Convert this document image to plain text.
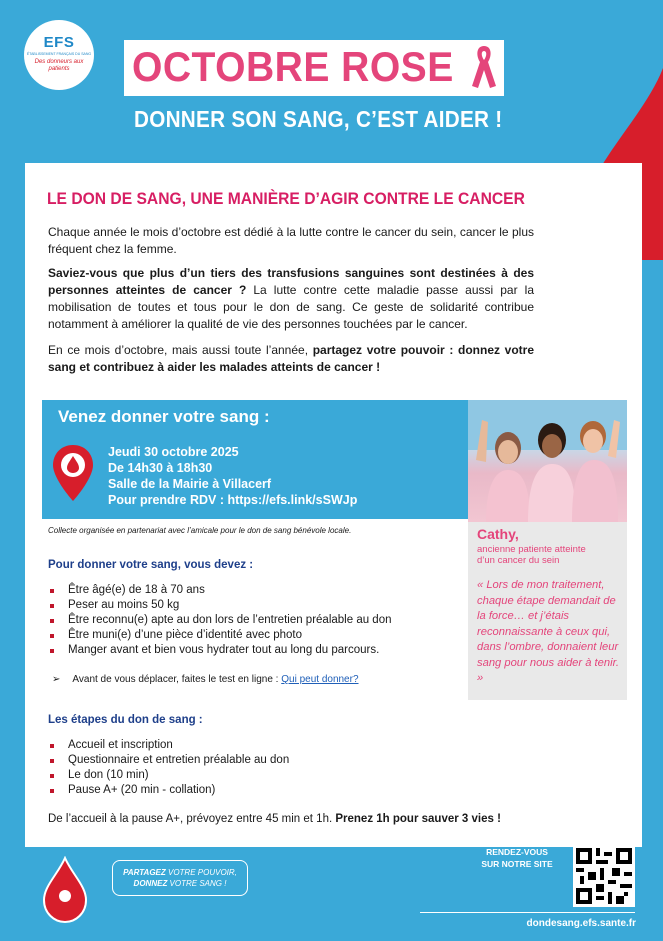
EFS
ÉTABLISSEMENT FRANÇAIS DU SANG
Des donneurs aux patients	OCTOBRE ROSE
DONNER SON SANG, C’EST AIDER !
LE DON DE SANG, UNE MANIÈRE D’AGIR CONTRE LE CANCER
Chaque année le mois d’octobre est dédié à la lutte contre le cancer du sein, cancer le plus fréquent chez la femme.
Saviez-vous que plus d’un tiers des transfusions sanguines sont destinées à des personnes atteintes de cancer ? La lutte contre cette maladie passe aussi par la mobilisation de toutes et tous pour le don de sang. Ce geste de solidarité contribue notamment à améliorer la qualité de vie des personnes touchées par le cancer.
En ce mois d’octobre, mais aussi toute l’année, partagez votre pouvoir : donnez votre sang et contribuez à aider les malades atteints de cancer !
Venez donner votre sang :
Jeudi 30 octobre 2025
De 14h30 à 18h30
Salle de la Mairie à Villacerf
Pour prendre RDV : https://efs.link/sSWJp
Collecte organisée en partenariat avec l’amicale pour le don de sang bénévole locale.	Cathy,
ancienne patiente atteinte
d’un cancer du sein
« Lors de mon traitement, chaque étape demandait de la force… et j’étais reconnaissante à ceux qui, dans l’ombre, donnaient leur sang pour nous aider à tenir. »
Pour donner votre sang, vous devez :
Être âgé(e) de 18 à 70 ans
Peser au moins 50 kg
Être reconnu(e) apte au don lors de l’entretien préalable au don
Être muni(e) d’une pièce d’identité avec photo
Manger avant et bien vous hydrater tout au long du parcours.
➢ Avant de vous déplacer, faites le test en ligne : Qui peut donner?
Les étapes du don de sang :
Accueil et inscription
Questionnaire et entretien préalable au don
Le don (10 min)
Pause A+ (20 min - collation)
De l’accueil à la pause A+, prévoyez entre 45 min et 1h. Prenez 1h pour sauver 3 vies !
PARTAGEZ VOTRE POUVOIR,
DONNEZ VOTRE SANG !
RENDEZ-VOUS
SUR NOTRE SITE
dondesang.efs.sante.fr
